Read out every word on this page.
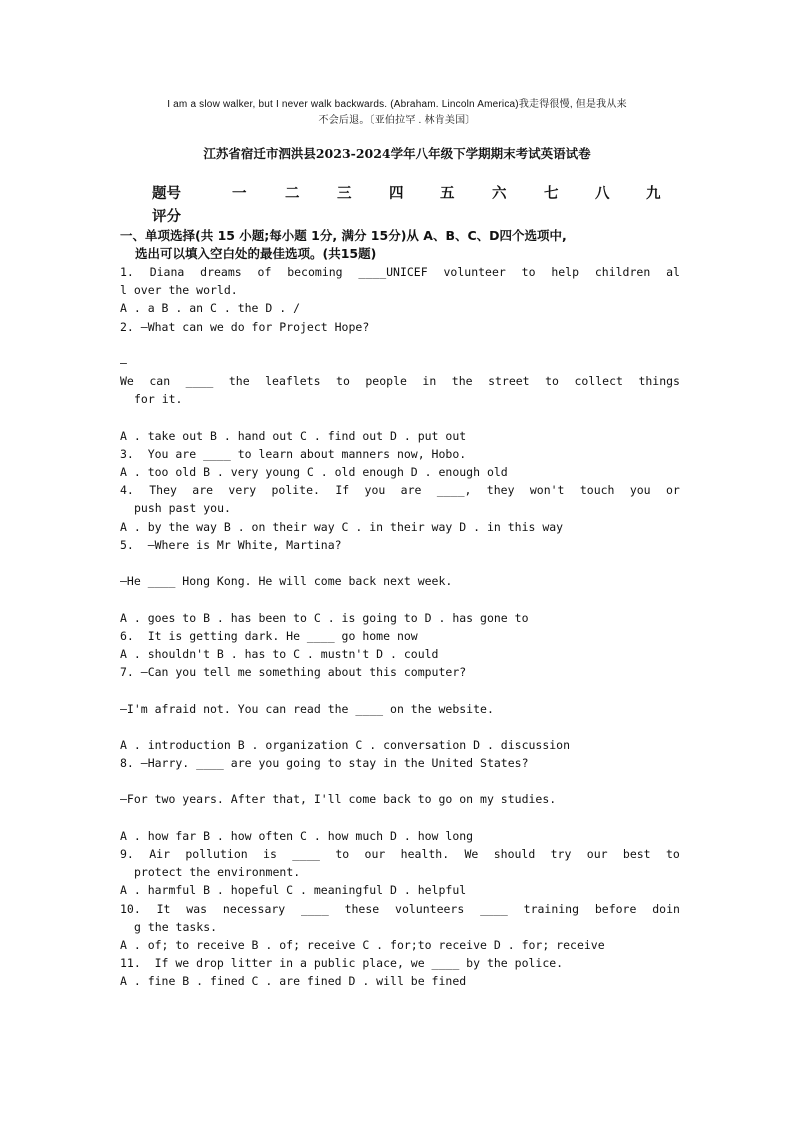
I am a slow walker, but I never walk backwards. (Abraham. Lincoln America)我走得很慢, 但是我从来
不会后退。〔亚伯拉罕 . 林肯美国〕
江苏省宿迁市泗洪县2023-2024学年八年级下学期期末考试英语试卷
题号	一	二	三	四	五	六	七	八	九
评分
一、单项选择(共 15 小题;每小题 1分, 满分 15分)从 A、B、C、D四个选项中,
选出可以填入空白处的最佳选项。(共15题)
1. Diana dreams of becoming ____UNICEF volunteer to help children al
l over the world.
A . a B . an C . the D . /
2. —What can we do for Project Hope?
—
We can ____ the leaflets to people in the street to collect things
for it.
A . take out B . hand out C . find out D . put out
3.  You are ____ to learn about manners now, Hobo.
A . too old B . very young C . old enough D . enough old
4. They are very polite. If you are ____, they won't touch you or
push past you.
A . by the way B . on their way C . in their way D . in this way
5.  —Where is Mr White, Martina?
—He ____ Hong Kong. He will come back next week.
A . goes to B . has been to C . is going to D . has gone to
6.  It is getting dark. He ____ go home now
A . shouldn't B . has to C . mustn't D . could
7. —Can you tell me something about this computer?
—I'm afraid not. You can read the ____ on the website.
A . introduction B . organization C . conversation D . discussion
8. —Harry. ____ are you going to stay in the United States?
—For two years. After that, I'll come back to go on my studies.
A . how far B . how often C . how much D . how long
9. Air pollution is ____ to our health. We should try our best to
protect the environment.
A . harmful B . hopeful C . meaningful D . helpful
10. It was necessary ____ these volunteers ____ training before doin
g the tasks.
A . of; to receive B . of; receive C . for;to receive D . for; receive
11.  If we drop litter in a public place, we ____ by the police.
A . fine B . fined C . are fined D . will be fined
